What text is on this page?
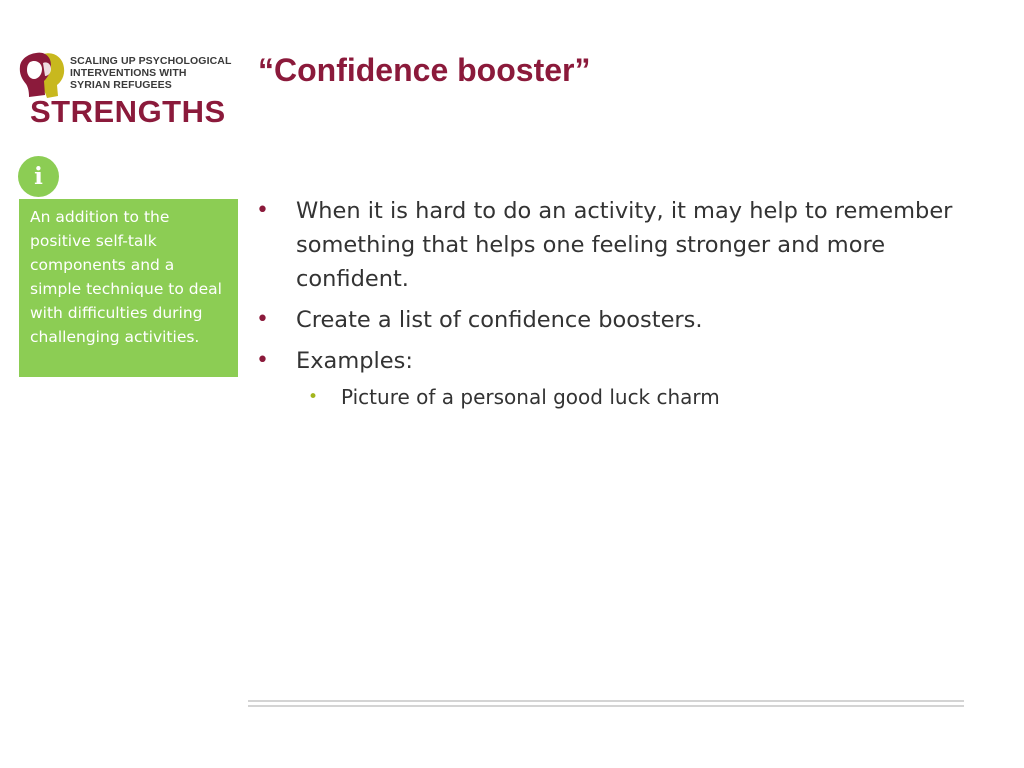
SCALING UP PSYCHOLOGICAL
INTERVENTIONS WITH
SYRIAN REFUGEES
STRENGTHS
“Confidence booster”
i

An addition to the positive self-talk components and a simple technique to deal with difficulties during challenging activities.

• When it is hard to do an activity, it may help to remember something that helps one feeling stronger and more confident.
• Create a list of confidence boosters.
• Examples:
• Picture of a personal good luck charm
